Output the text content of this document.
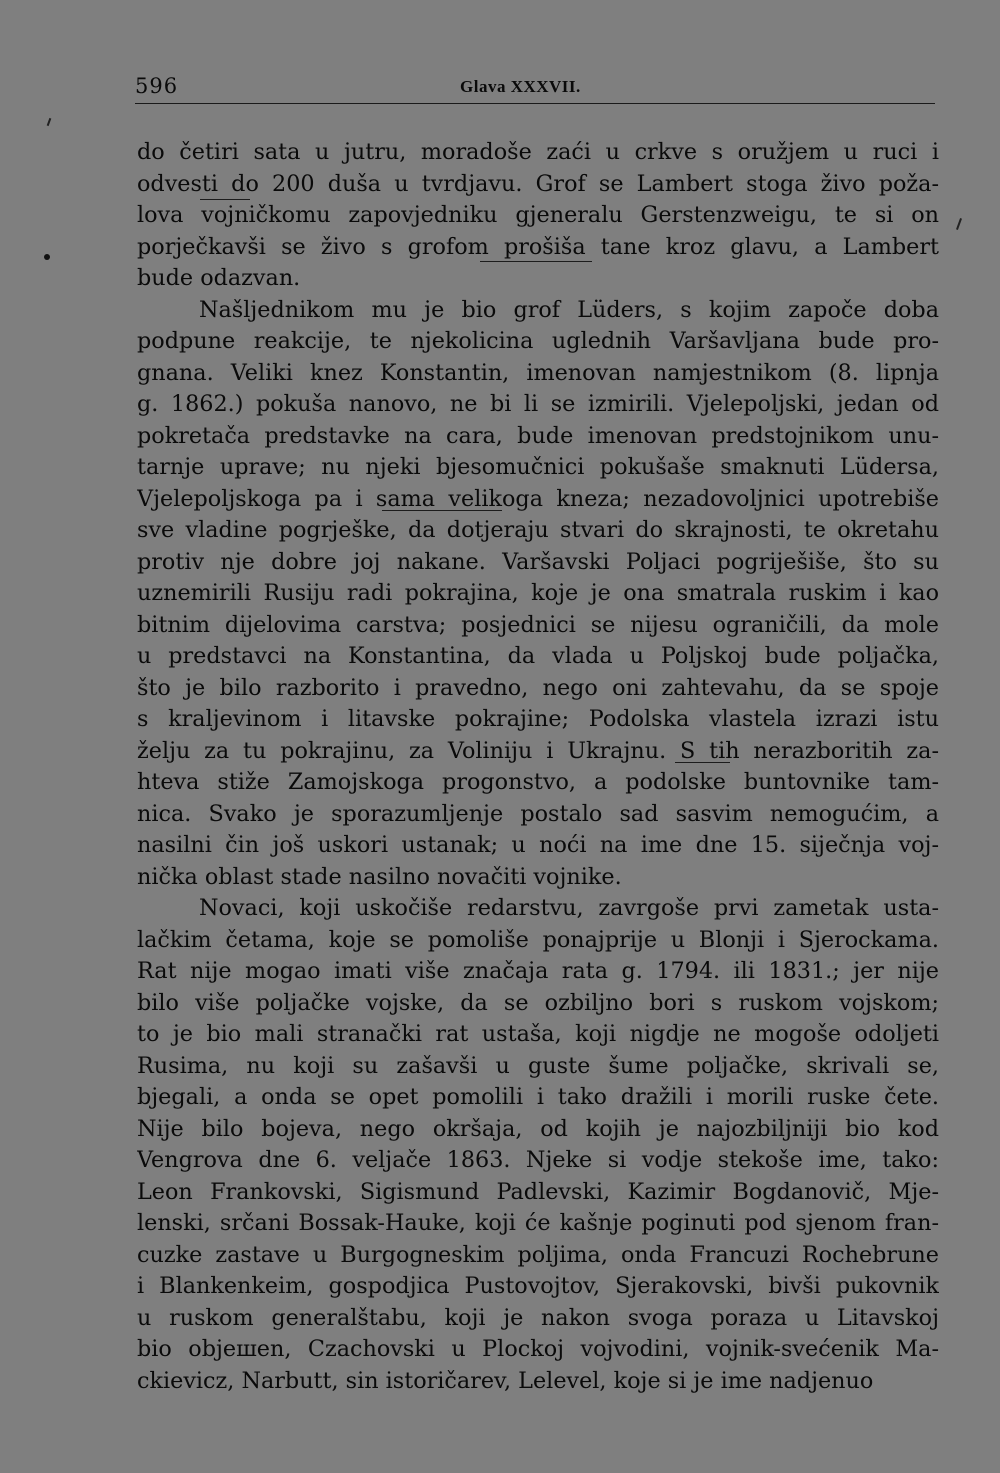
596	Glava XXXVII.
do četiri sata u jutru, moradoše zaći u crkve s oružjem u ruci i
odvesti do 200 duša u tvrdjavu. Grof se Lambert stoga živo poža-
lova vojničkomu zapovjedniku gjeneralu Gerstenzweigu, te si on
porječkavši se živo s grofom prošiša tane kroz glavu, a Lambert
bude odazvan.
Našljednikom mu je bio grof Lüders, s kojim započe doba
podpune reakcije, te njekolicina uglednih Varšavljana bude pro-
gnana. Veliki knez Konstantin, imenovan namjestnikom (8. lipnja
g. 1862.) pokuša nanovo, ne bi li se izmirili. Vjelepoljski, jedan od
pokretača predstavke na cara, bude imenovan predstojnikom unu-
tarnje uprave; nu njeki bjesomučnici pokušaše smaknuti Lüdersa,
Vjelepoljskoga pa i sama velikoga kneza; nezadovoljnici upotrebiše
sve vladine pogrješke, da dotjeraju stvari do skrajnosti, te okretahu
protiv nje dobre joj nakane. Varšavski Poljaci pogriješiše, što su
uznemirili Rusiju radi pokrajina, koje je ona smatrala ruskim i kao
bitnim dijelovima carstva; posjednici se nijesu ograničili, da mole
u predstavci na Konstantina, da vlada u Poljskoj bude poljačka,
što je bilo razborito i pravedno, nego oni zahtevahu, da se spoje
s kraljevinom i litavske pokrajine; Podolska vlastela izrazi istu
želju za tu pokrajinu, za Voliniju i Ukrajnu. S tih nerazboritih za-
hteva stiže Zamojskoga progonstvo, a podolske buntovnike tam-
nica. Svako je sporazumljenje postalo sad sasvim nemogućim, a
nasilni čin još uskori ustanak; u noći na ime dne 15. siječnja voj-
nička oblast stade nasilno novačiti vojnike.
Novaci, koji uskočiše redarstvu, zavrgoše prvi zametak usta-
lačkim četama, koje se pomoliše ponajprije u Blonji i Sjerockama.
Rat nije mogao imati više značaja rata g. 1794. ili 1831.; jer nije
bilo više poljačke vojske, da se ozbiljno bori s ruskom vojskom;
to je bio mali stranački rat ustaša, koji nigdje ne mogoše odoljeti
Rusima, nu koji su zašavši u guste šume poljačke, skrivali se,
bjegali, a onda se opet pomolili i tako dražili i morili ruske čete.
Nije bilo bojeva, nego okršaja, od kojih je najozbiljniji bio kod
Vengrova dne 6. veljače 1863. Njeke si vodje stekoše ime, tako:
Leon Frankovski, Sigismund Padlevski, Kazimir Bogdanovič, Mje-
lenski, srčani Bossak-Hauke, koji će kašnje poginuti pod sjenom fran-
cuzke zastave u Burgogneskim poljima, onda Francuzi Rochebrune
i Blankenkeim, gospodjica Pustovojtov, Sjerakovski, bivši pukovnik
u ruskom generalštabu, koji je nakon svoga poraza u Litavskoj
bio objешen, Czachovski u Plockoj vojvodini, vojnik-svećenik Ma-
ckievicz, Narbutt, sin istoričarev, Lelevel, koje si je ime nadjenuo
